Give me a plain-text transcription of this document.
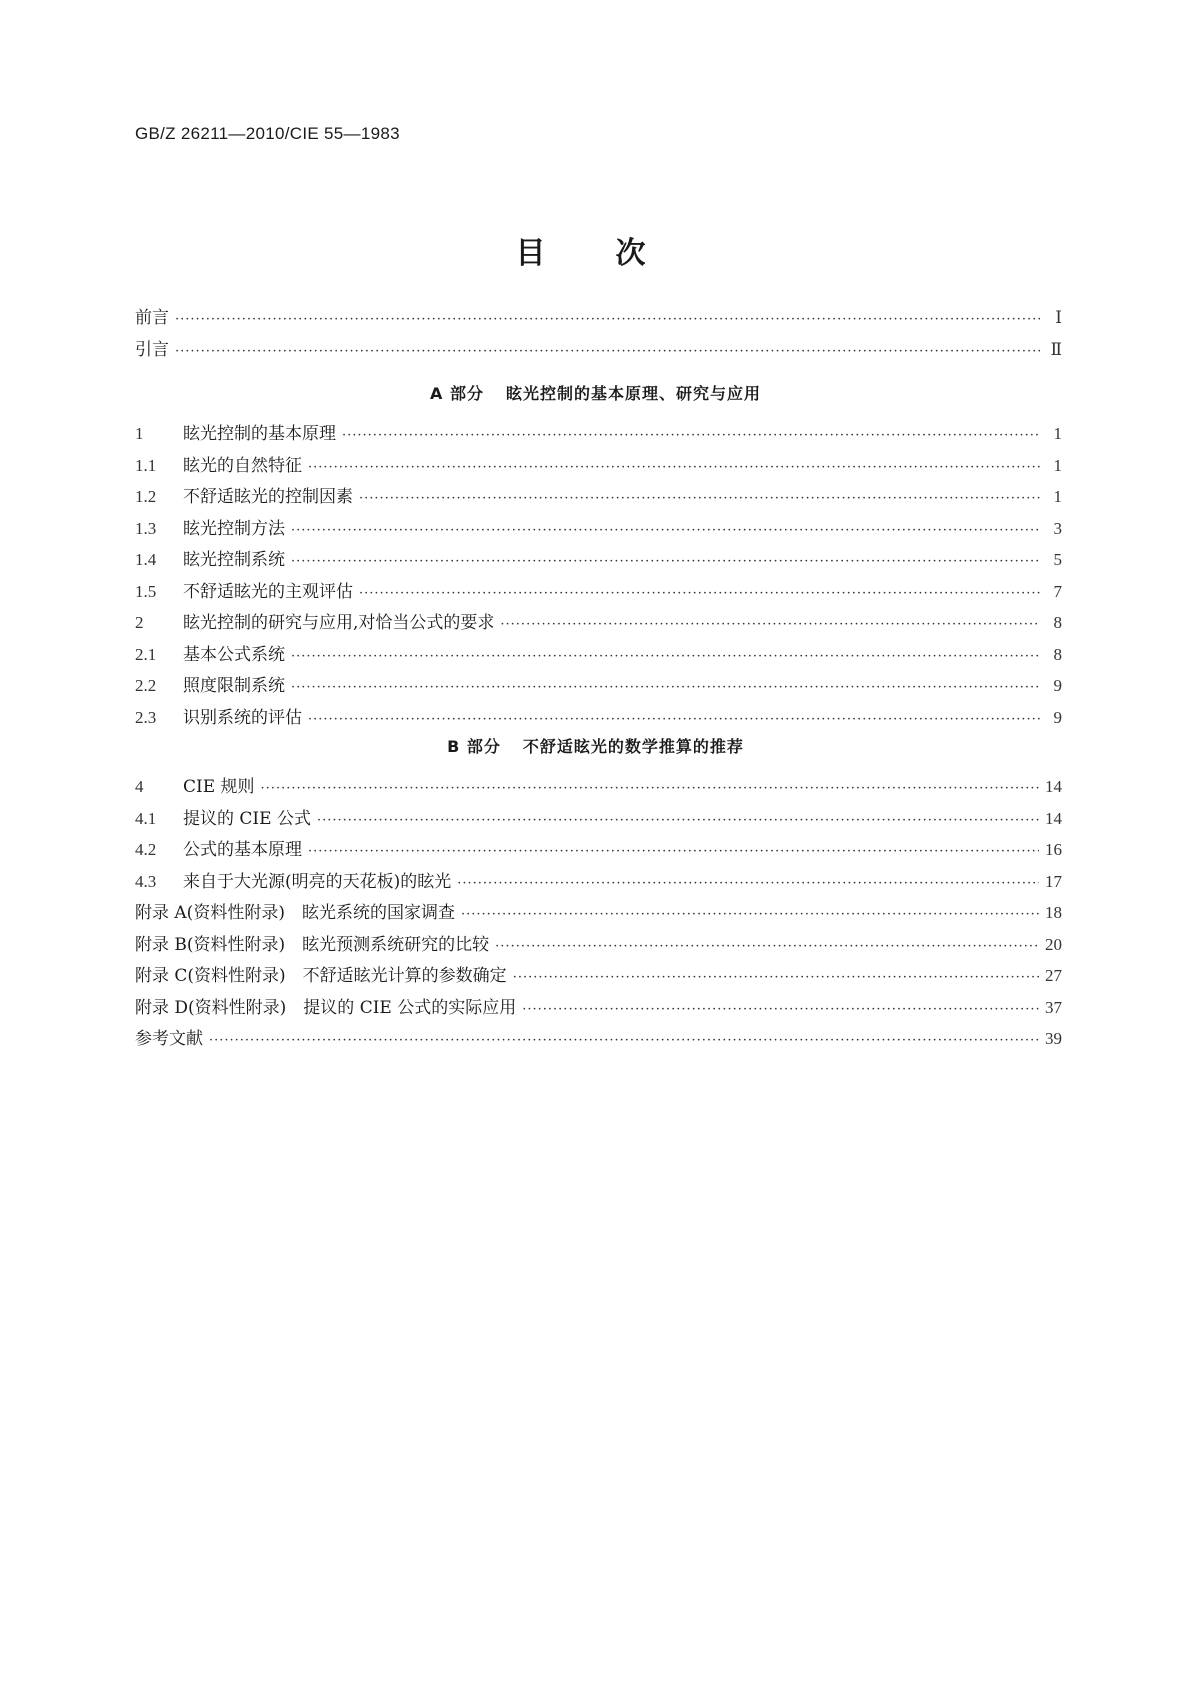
GB/Z 26211—2010/CIE 55—1983
目次
前言 ·····	Ⅰ
引言 ·····	Ⅱ
A 部分 眩光控制的基本原理、研究与应用
1	眩光控制的基本原理 ·····	1
1.1	眩光的自然特征 ·····	1
1.2	不舒适眩光的控制因素 ·····	1
1.3	眩光控制方法 ·····	3
1.4	眩光控制系统 ·····	5
1.5	不舒适眩光的主观评估 ·····	7
2	眩光控制的研究与应用,对恰当公式的要求 ·····	8
2.1	基本公式系统 ·····	8
2.2	照度限制系统 ·····	9
2.3	识别系统的评估 ·····	9
B 部分 不舒适眩光的数学推算的推荐
4	CIE 规则 ·····	14
4.1	提议的 CIE 公式 ·····	14
4.2	公式的基本原理 ·····	16
4.3	来自于大光源(明亮的天花板)的眩光 ·····	17
附录 A(资料性附录)　眩光系统的国家调查 ·····	18
附录 B(资料性附录)　眩光预测系统研究的比较 ·····	20
附录 C(资料性附录)　不舒适眩光计算的参数确定 ·····	27
附录 D(资料性附录)　提议的 CIE 公式的实际应用 ·····	37
参考文献 ·····	39
